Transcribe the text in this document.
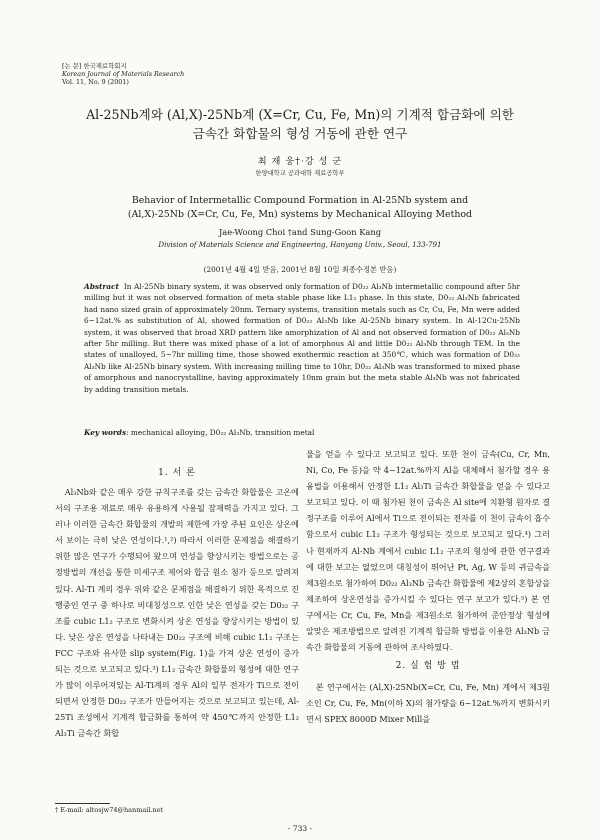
[논 문] 한국재료학회지
Korean Journal of Materials Research
Vol. 11, No. 9 (2001)
Al-25Nb계와 (Al,X)-25Nb계 (X=Cr, Cu, Fe, Mn)의 기계적 합금화에 의한
금속간 화합물의 형성 거동에 관한 연구
최 재 웅†·강 성 군
한양대학교 공과대학 재료공학부
Behavior of Intermetallic Compound Formation in Al-25Nb system and
(Al,X)-25Nb (X=Cr, Cu, Fe, Mn) systems by Mechanical Alloying Method
Jae-Woong Choi †and Sung-Goon Kang
Division of Materials Science and Engineering, Hanyang Univ., Seoul, 133-791
(2001년 4월 4일 받음, 2001년 8월 10일 최종수정본 받음)
Abstract In Al-25Nb binary system, it was observed only formation of D0₂₂ Al₃Nb intermetallic compound after 5hr milling but it was not observed formation of meta stable phase like L1₂ phase. In this state, D0₂₂ Al₃Nb fabricated had nano sized grain of approximately 20nm. Ternary systems, transition metals such as Cr, Cu, Fe, Mn were added 6~12at.% as substitution of Al, showed formation of D0₂₂ Al₃Nb like Al-25Nb binary system. In Al-12Cu-25Nb system, it was observed that broad XRD pattern like amorphization of Al and not observed formation of D0₂₂ Al₃Nb after 5hr milling. But there was mixed phase of a lot of amorphous Al and little D0₂₂ Al₃Nb through TEM. In the states of unalloyed, 5~7hr milling time, those showed exothermic reaction at 350℃, which was formation of D0₂₂ Al₃Nb like Al-25Nb binary system. With increasing milling time to 10hr, D0₂₂ Al₃Nb was transformed to mixed phase of amorphous and nanocrystalline, having approximately 10nm grain but the meta stable Al₃Nb was not fabricated by adding transition metals.
Key words: mechanical alloying, D0₂₂ Al₃Nb, transition metal
1. 서 론

Al₃Nb와 같은 매우 강한 규칙구조를 갖는 금속간 화합물은 고온에서의 구조용 재료로 매우 유용하게 사용될 잠재력을 가지고 있다. 그러나 이러한 금속간 화합물의 개발의 제한에 가장 주된 요인은 상온에서 보이는 극히 낮은 연성이다.¹,²) 따라서 이러한 문제점을 해결하기 위한 많은 연구가 수행되어 왔으며 연성을 향상시키는 방법으로는 공정방법의 개선을 통한 미세구조 제어와 합금 원소 첨가 등으로 알려져 있다. Al-Ti 계의 경우 위와 같은 문제점을 해결하기 위한 목적으로 진행중인 연구 중 하나로 비대칭성으로 인한 낮은 연성을 갖는 D0₂₂ 구조를 cubic L1₂ 구조로 변화시켜 상온 연성을 향상시키는 방법이 있다. 낮은 상온 연성을 나타내는 D0₂₂ 구조에 비해 cubic L1₂ 구조는 FCC 구조와 유사한 slip system(Fig. 1)을 가져 상온 연성이 증가되는 것으로 보고되고 있다.³) L1₂ 금속간 화합물의 형성에 대한 연구가 많이 이루어져있는 Al-Ti계의 경우 Al의 일부 전자가 Ti으로 전이되면서 안정한 D0₂₂ 구조가 만들어지는 것으로 보고되고 있는데, Al-25Ti 조성에서 기계적 합금화를 통하여 약 450℃까지 안정한 L1₂ Al₃Ti 금속간 화합

물을 얻을 수 있다고 보고되고 있다. 또한 천이 금속(Cu, Cr, Mn, Ni, Co, Fe 등)을 약 4~12at.%까지 Al을 대체해서 첨가할 경우 용융법을 이용해서 안정한 L1₂ Al₃Ti 금속간 화합물을 얻을 수 있다고 보고되고 있다. 이 때 첨가된 천이 금속은 Al site에 치환형 원자로 결정구조를 이루어 Al에서 Ti으로 전이되는 전자를 이 천이 금속이 흡수함으로서 cubic L1₂ 구조가 형성되는 것으로 보고되고 있다.⁴) 그러나 현재까지 Al-Nb 계에서 cubic L1₂ 구조의 형성에 관한 연구결과에 대한 보고는 없었으며 대칭성이 뛰어난 Pt, Ag, W 등의 귀금속을 제3원소로 첨가하여 D0₂₂ Al₃Nb 금속간 화합물에 제2상의 혼합상을 제조하여 상온연성을 증가시킬 수 있다는 연구 보고가 있다.⁵) 본 연구에서는 Cr, Cu, Fe, Mn을 제3원소로 첨가하여 준안정상 형성에 알맞은 제조방법으로 알려진 기계적 합금화 방법을 이용한 Al₃Nb 금속간 화합물의 거동에 관하여 조사하였다.

2. 실 험 방 법

본 연구에서는 (Al,X)-25Nb(X=Cr, Cu, Fe, Mn) 계에서 제3원소인 Cr, Cu, Fe, Mn(이하 X)의 첨가량을 6~12at.%까지 변화시키면서 SPEX 8000D Mixer Mill을

† E-mail: altosjw74@hanmail.net
- 733 -
